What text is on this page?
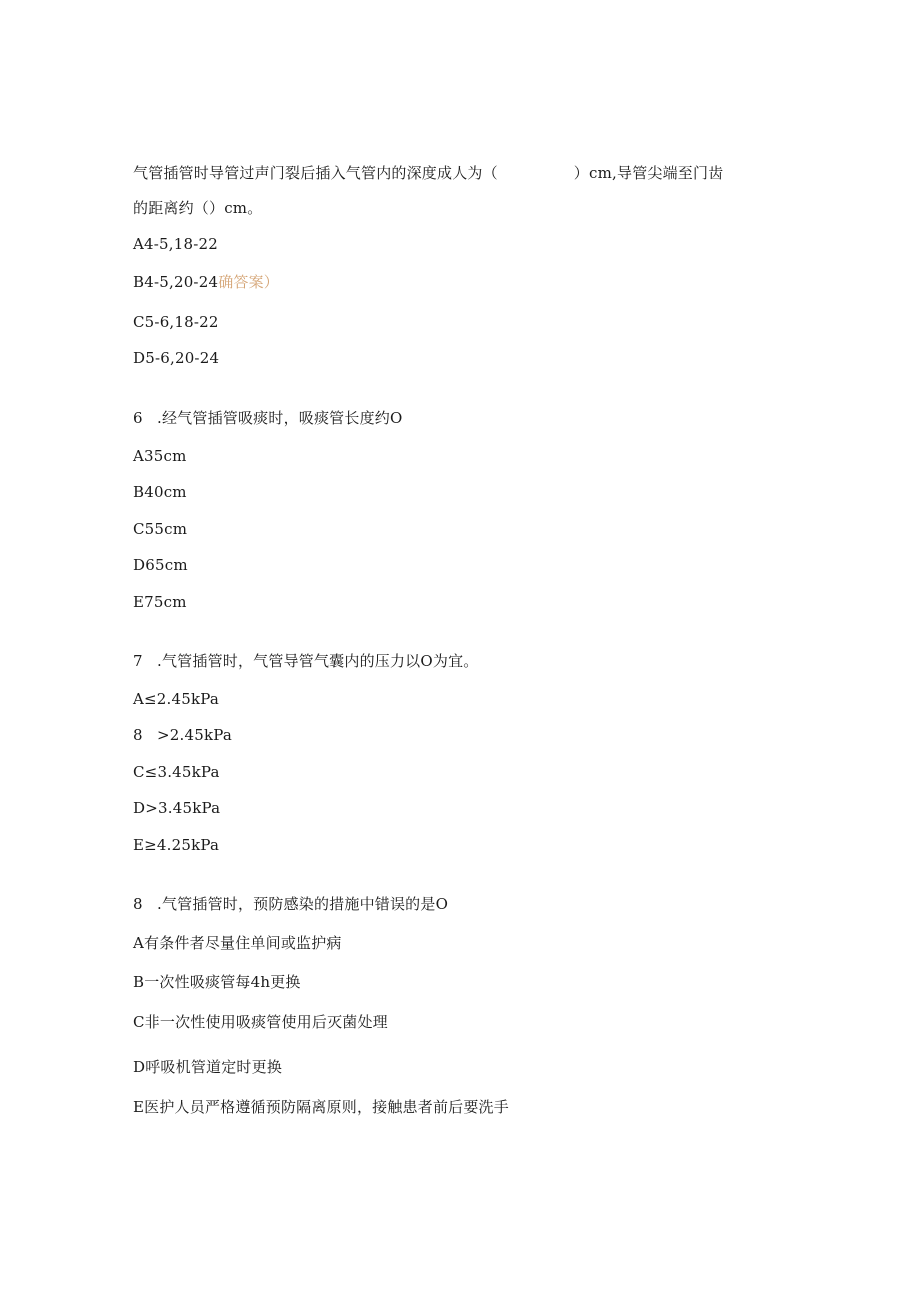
气管插管时导管过声门裂后插入气管内的深度成人为（　　　　　）cm,导管尖端至门齿
的距离约（）cm。
A4-5,18-22
B4-5,20-24确答案）
C5-6,18-22
D5-6,20-24
6 .经气管插管吸痰时，吸痰管长度约O
A35cm
B40cm
C55cm
D65cm
E75cm
7 .气管插管时，气管导管气囊内的压力以O为宜。
A≤2.45kPa
8 >2.45kPa
C≤3.45kPa
D>3.45kPa
E≥4.25kPa
8 .气管插管时，预防感染的措施中错误的是O
A有条件者尽量住单间或监护病
B一次性吸痰管每4h更换
C非一次性使用吸痰管使用后灭菌处理
D呼吸机管道定时更换
E医护人员严格遵循预防隔离原则，接触患者前后要洗手
